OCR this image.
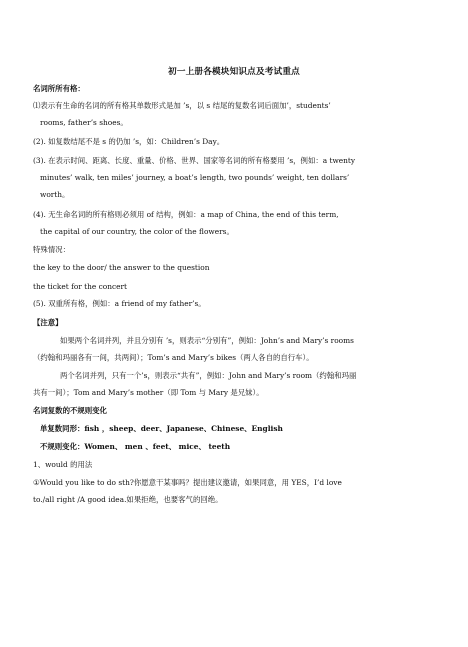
初一上册各模块知识点及考试重点
名词所所有格：
⑴表示有生命的名词的所有格其单数形式是加 ’s，以 s 结尾的复数名词后面加’，students’
rooms, father’s shoes。
(2). 如复数结尾不是 s 的仍加 ’s，如：Children’s Day。
(3). 在表示时间、距离、长度、重量、价格、世界、国家等名词的所有格要用 ’s，例如：a twenty
minutes’ walk, ten miles’ journey, a boat’s length, two pounds’ weight, ten dollars’
worth。
(4). 无生命名词的所有格则必须用 of 结构，例如：a map of China, the end of this term,
the capital of our country, the color of the flowers。
特殊情况：
the key to the door/ the answer to the question
the ticket for the concert
(5). 双重所有格，例如：a friend of my father’s。
【注意】
如果两个名词并列，并且分别有 ’s，则表示“分别有”，例如：John’s and Mary’s rooms
（约翰和玛丽各有一间，共两间）；Tom’s and Mary’s bikes（两人各自的自行车）。
两个名词并列，只有一个’s，则表示“共有”，例如：John and Mary’s room（约翰和玛丽
共有一间）；Tom and Mary’s mother（即 Tom 与 Mary 是兄妹）。
名词复数的不规则变化
单复数同形：fish ，sheep、deer、Japanese、Chinese、English
不规则变化：Women、 men 、feet、 mice、 teeth
1、would 的用法
①Would you like to do sth?你愿意干某事吗？提出建议邀请，如果同意，用 YES，I’d love
to./all right /A good idea.如果拒绝，也要客气的回绝。
